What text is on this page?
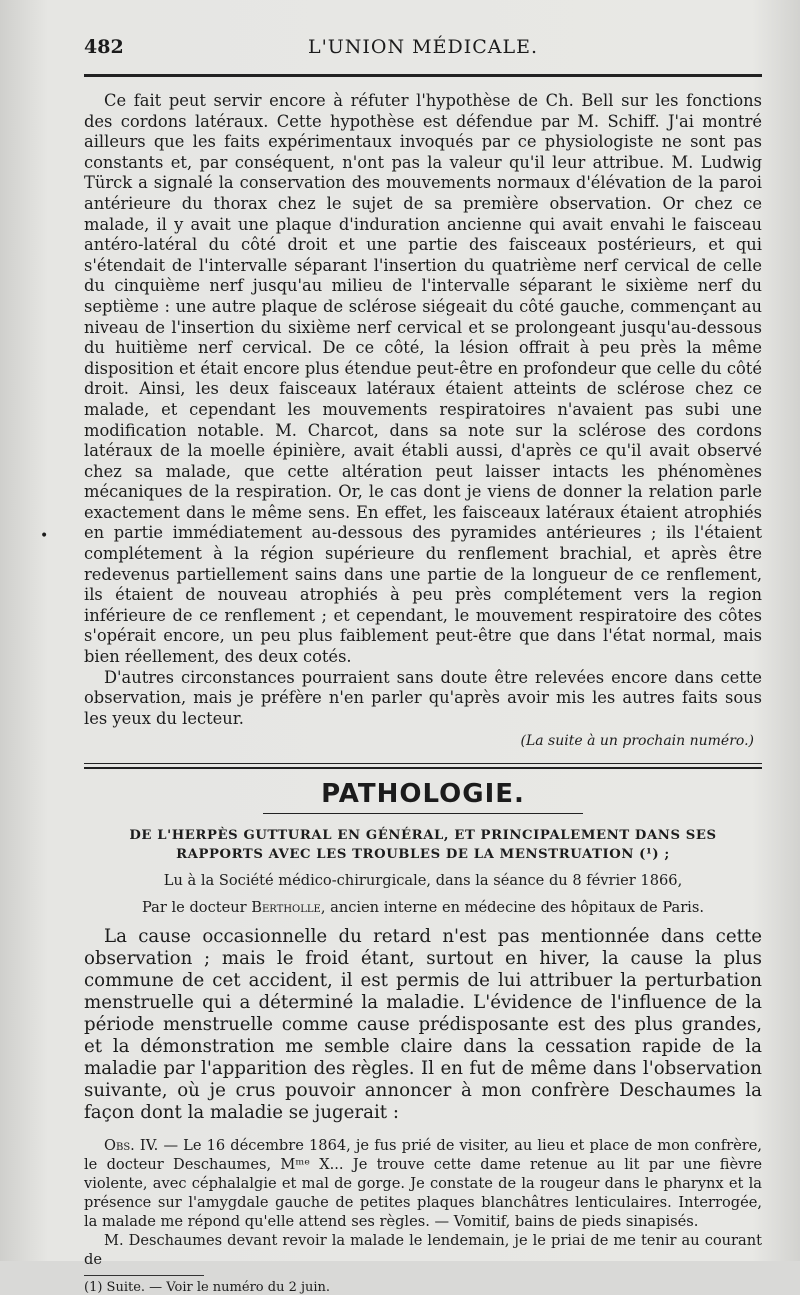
•
482	L'UNION MÉDICALE.

Ce fait peut servir encore à réfuter l'hypothèse de Ch. Bell sur les fonctions des cordons latéraux. Cette hypothèse est défendue par M. Schiff. J'ai montré ailleurs que les faits expérimentaux invoqués par ce physiologiste ne sont pas constants et, par conséquent, n'ont pas la valeur qu'il leur attribue. M. Ludwig Türck a signalé la conservation des mouvements normaux d'élévation de la paroi antérieure du thorax chez le sujet de sa première observation. Or chez ce malade, il y avait une plaque d'induration ancienne qui avait envahi le faisceau antéro-latéral du côté droit et une partie des faisceaux postérieurs, et qui s'étendait de l'intervalle séparant l'insertion du quatrième nerf cervical de celle du cinquième nerf jusqu'au milieu de l'intervalle séparant le sixième nerf du septième : une autre plaque de sclérose siégeait du côté gauche, commençant au niveau de l'insertion du sixième nerf cervical et se prolongeant jusqu'au-dessous du huitième nerf cervical. De ce côté, la lésion offrait à peu près la même disposition et était encore plus étendue peut-être en profondeur que celle du côté droit. Ainsi, les deux faisceaux latéraux étaient atteints de sclérose chez ce malade, et cependant les mouvements respiratoires n'avaient pas subi une modification notable. M. Charcot, dans sa note sur la sclérose des cordons latéraux de la moelle épinière, avait établi aussi, d'après ce qu'il avait observé chez sa malade, que cette altération peut laisser intacts les phénomènes mécaniques de la respiration. Or, le cas dont je viens de donner la relation parle exactement dans le même sens. En effet, les faisceaux latéraux étaient atrophiés en partie immédiatement au-dessous des pyramides antérieures ; ils l'étaient complétement à la région supérieure du renflement brachial, et après être redevenus partiellement sains dans une partie de la longueur de ce renflement, ils étaient de nouveau atrophiés à peu près complétement vers la region inférieure de ce renflement ; et cependant, le mouvement respiratoire des côtes s'opérait encore, un peu plus faiblement peut-être que dans l'état normal, mais bien réellement, des deux cotés.

D'autres circonstances pourraient sans doute être relevées encore dans cette observation, mais je préfère n'en parler qu'après avoir mis les autres faits sous les yeux du lecteur.

(La suite à un prochain numéro.)
PATHOLOGIE.
DE L'HERPÈS GUTTURAL EN GÉNÉRAL, ET PRINCIPALEMENT DANS SES RAPPORTS AVEC LES TROUBLES DE LA MENSTRUATION (¹) ;
Lu à la Société médico-chirurgicale, dans la séance du 8 février 1866,
Par le docteur Bertholle, ancien interne en médecine des hôpitaux de Paris.

La cause occasionnelle du retard n'est pas mentionnée dans cette observation ; mais le froid étant, surtout en hiver, la cause la plus commune de cet accident, il est permis de lui attribuer la perturbation menstruelle qui a déterminé la maladie. L'évidence de l'influence de la période menstruelle comme cause prédisposante est des plus grandes, et la démonstration me semble claire dans la cessation rapide de la maladie par l'apparition des règles. Il en fut de même dans l'observation suivante, où je crus pouvoir annoncer à mon confrère Deschaumes la façon dont la maladie se jugerait :

Obs. IV. — Le 16 décembre 1864, je fus prié de visiter, au lieu et place de mon confrère, le docteur Deschaumes, Mᵐᵉ X... Je trouve cette dame retenue au lit par une fièvre violente, avec céphalalgie et mal de gorge. Je constate de la rougeur dans le pharynx et la présence sur l'amygdale gauche de petites plaques blanchâtres lenticulaires. Interrogée, la malade me répond qu'elle attend ses règles. — Vomitif, bains de pieds sinapisés.

M. Deschaumes devant revoir la malade le lendemain, je le priai de me tenir au courant de

(1) Suite. — Voir le numéro du 2 juin.
